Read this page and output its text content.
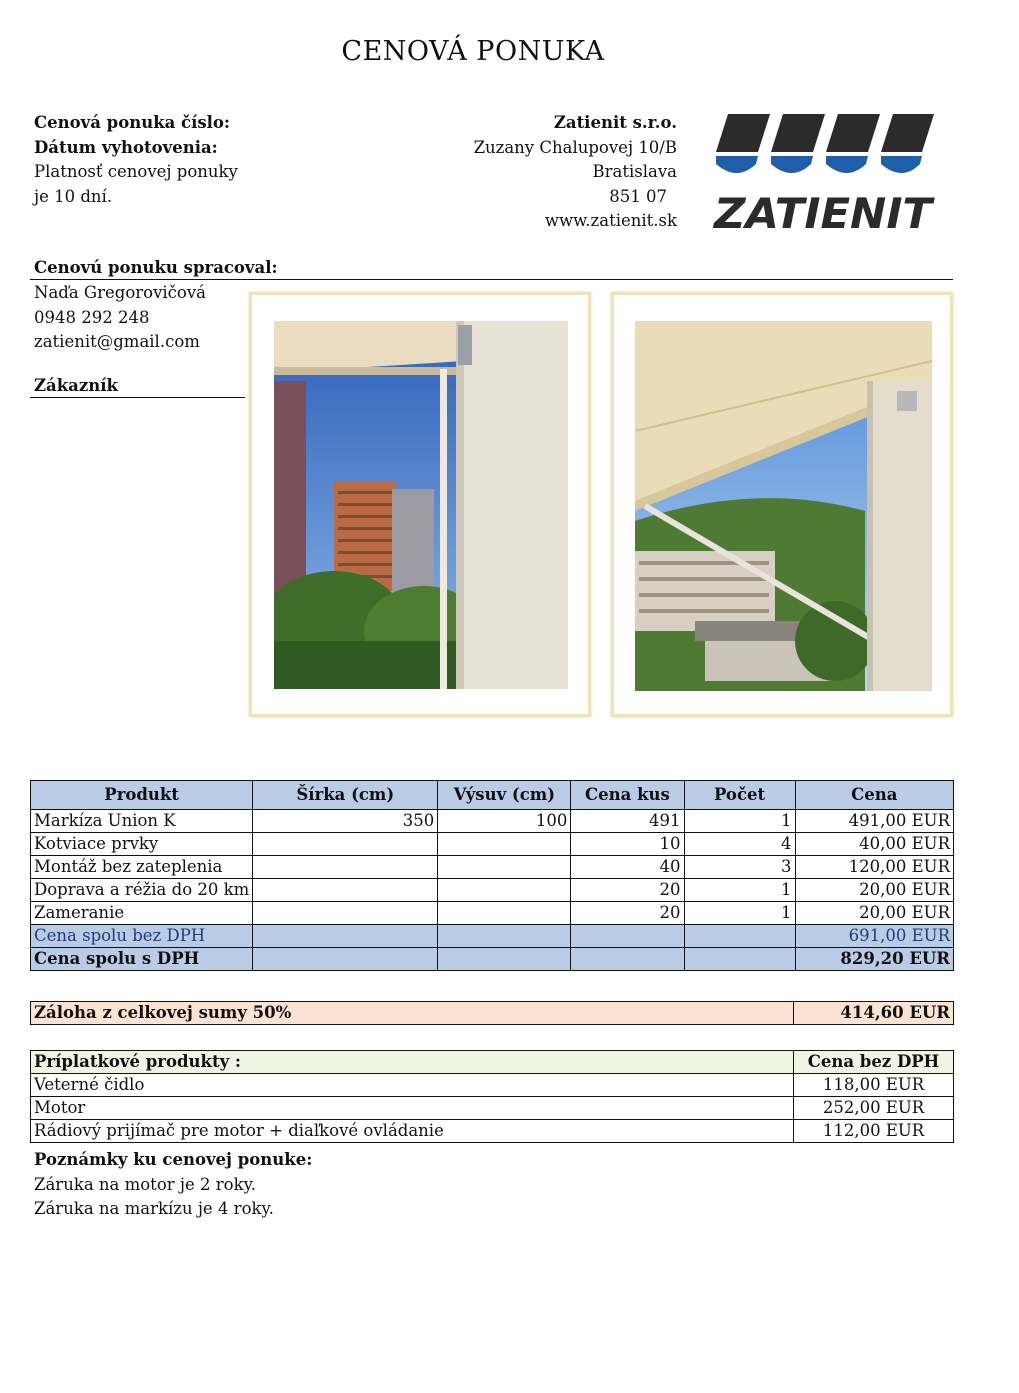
CENOVÁ PONUKA
Cenová ponuka číslo:
Dátum vyhotovenia:
Platnosť cenovej ponuky
je 10 dní.
Zatienit s.r.o.
Zuzany Chalupovej 10/B
Bratislava
851 07
www.zatienit.sk ZATIENIT
Cenovú ponuku spracoval:
Naďa Gregorovičová
0948 292 248
zatienit@gmail.com
Zákazník
Produkt	Šírka (cm)	Výsuv (cm)	Cena kus	Počet	Cena
Markíza Union K	350	100	491	1	491,00 EUR
Kotviace prvky			10	4	40,00 EUR
Montáž bez zateplenia			40	3	120,00 EUR
Doprava a réžia do 20 km			20	1	20,00 EUR
Zameranie			20	1	20,00 EUR
Cena spolu bez DPH					691,00 EUR
Cena spolu s DPH					829,20 EUR
Záloha z celkovej sumy 50%	414,60 EUR
Príplatkové produkty :	Cena bez DPH
Veterné čidlo	118,00 EUR
Motor	252,00 EUR
Rádiový prijímač pre motor + diaľkové ovládanie	112,00 EUR
Poznámky ku cenovej ponuke:
Záruka na motor je 2 roky.
Záruka na markízu je 4 roky.
